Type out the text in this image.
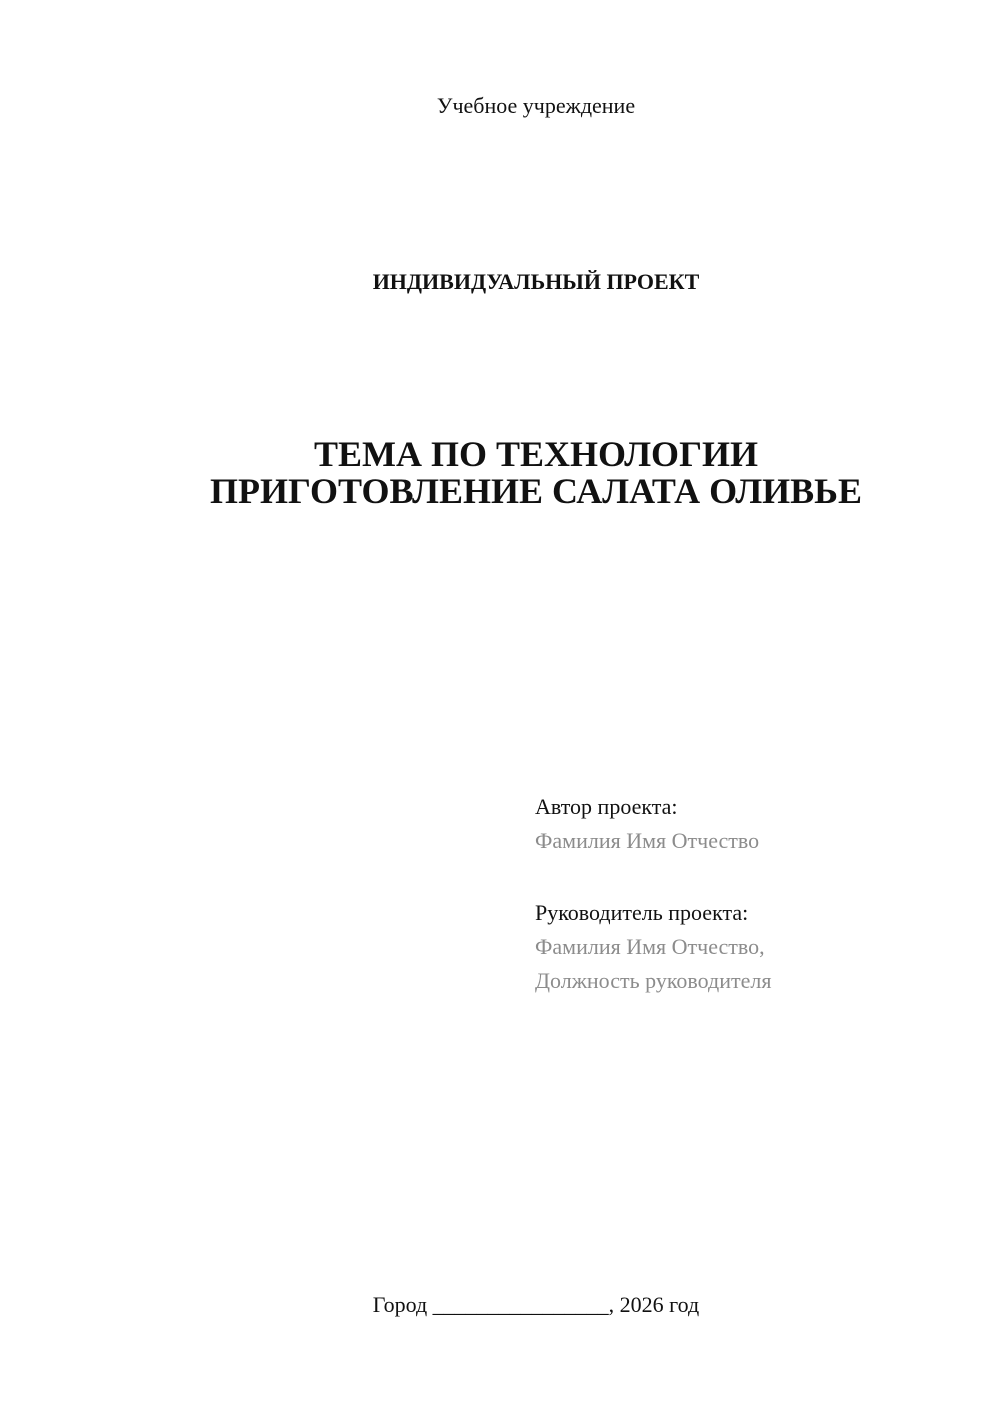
Учебное учреждение
ИНДИВИДУАЛЬНЫЙ ПРОЕКТ
ТЕМА ПО ТЕХНОЛОГИИ
ПРИГОТОВЛЕНИЕ САЛАТА ОЛИВЬЕ
Автор проекта:
Фамилия Имя Отчество
Руководитель проекта:
Фамилия Имя Отчество,
Должность руководителя
Город ________________, 2026 год
